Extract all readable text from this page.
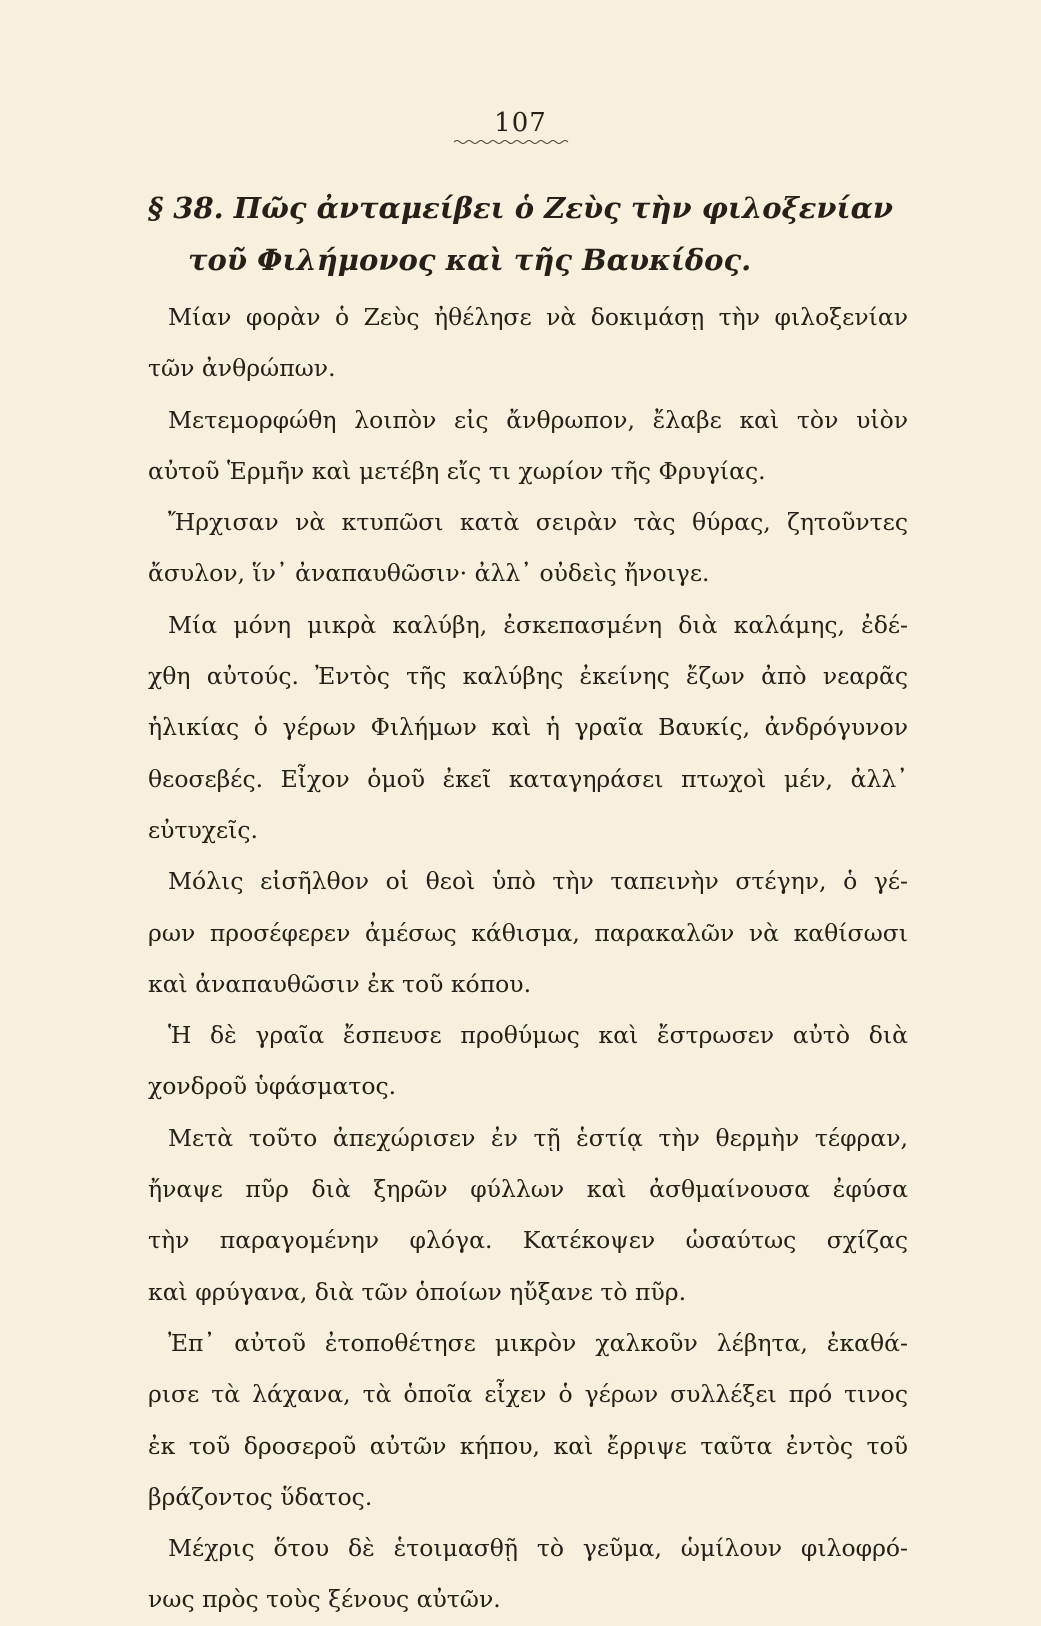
107
§ 38. Πῶς ἀνταμείβει ὁ Ζεὺς τὴν φιλοξενίαν
τοῦ Φιλήμονος καὶ τῆς Βαυκίδος.
Μίαν φορὰν ὁ Ζεὺς ἠθέλησε νὰ δοκιμάσῃ τὴν φιλοξενίαν
τῶν ἀνθρώπων.
Μετεμορφώθη λοιπὸν εἰς ἄνθρωπον, ἔλαβε καὶ τὸν υἱὸν
αὐτοῦ Ἑρμῆν καὶ μετέβη εἴς τι χωρίον τῆς Φρυγίας.
Ἤρχισαν νὰ κτυπῶσι κατὰ σειρὰν τὰς θύρας, ζητοῦντες
ἄσυλον, ἵν᾿ ἀναπαυθῶσιν· ἀλλ᾿ οὐδεὶς ἤνοιγε.
Μία μόνη μικρὰ καλύβη, ἐσκεπασμένη διὰ καλάμης, ἐδέ-
χθη αὐτούς. Ἐντὸς τῆς καλύβης ἐκείνης ἔζων ἀπὸ νεαρᾶς
ἡλικίας ὁ γέρων Φιλήμων καὶ ἡ γραῖα Βαυκίς, ἀνδρόγυνον
θεοσεβές. Εἶχον ὁμοῦ ἐκεῖ καταγηράσει πτωχοὶ μέν, ἀλλ᾿
εὐτυχεῖς.
Μόλις εἰσῆλθον οἱ θεοὶ ὑπὸ τὴν ταπεινὴν στέγην, ὁ γέ-
ρων προσέφερεν ἀμέσως κάθισμα, παρακαλῶν νὰ καθίσωσι
καὶ ἀναπαυθῶσιν ἐκ τοῦ κόπου.
Ἡ δὲ γραῖα ἔσπευσε προθύμως καὶ ἔστρωσεν αὐτὸ διὰ
χονδροῦ ὑφάσματος.
Μετὰ τοῦτο ἀπεχώρισεν ἐν τῇ ἑστίᾳ τὴν θερμὴν τέφραν,
ἤναψε πῦρ διὰ ξηρῶν φύλλων καὶ ἀσθμαίνουσα ἐφύσα
τὴν παραγομένην φλόγα. Κατέκοψεν ὡσαύτως σχίζας
καὶ φρύγανα, διὰ τῶν ὁποίων ηὔξανε τὸ πῦρ.
Ἐπ᾿ αὐτοῦ ἐτοποθέτησε μικρὸν χαλκοῦν λέβητα, ἐκαθά-
ρισε τὰ λάχανα, τὰ ὁποῖα εἶχεν ὁ γέρων συλλέξει πρό τινος
ἐκ τοῦ δροσεροῦ αὐτῶν κήπου, καὶ ἔρριψε ταῦτα ἐντὸς τοῦ
βράζοντος ὕδατος.
Μέχρις ὅτου δὲ ἑτοιμασθῇ τὸ γεῦμα, ὡμίλουν φιλοφρό-
νως πρὸς τοὺς ξένους αὐτῶν.
